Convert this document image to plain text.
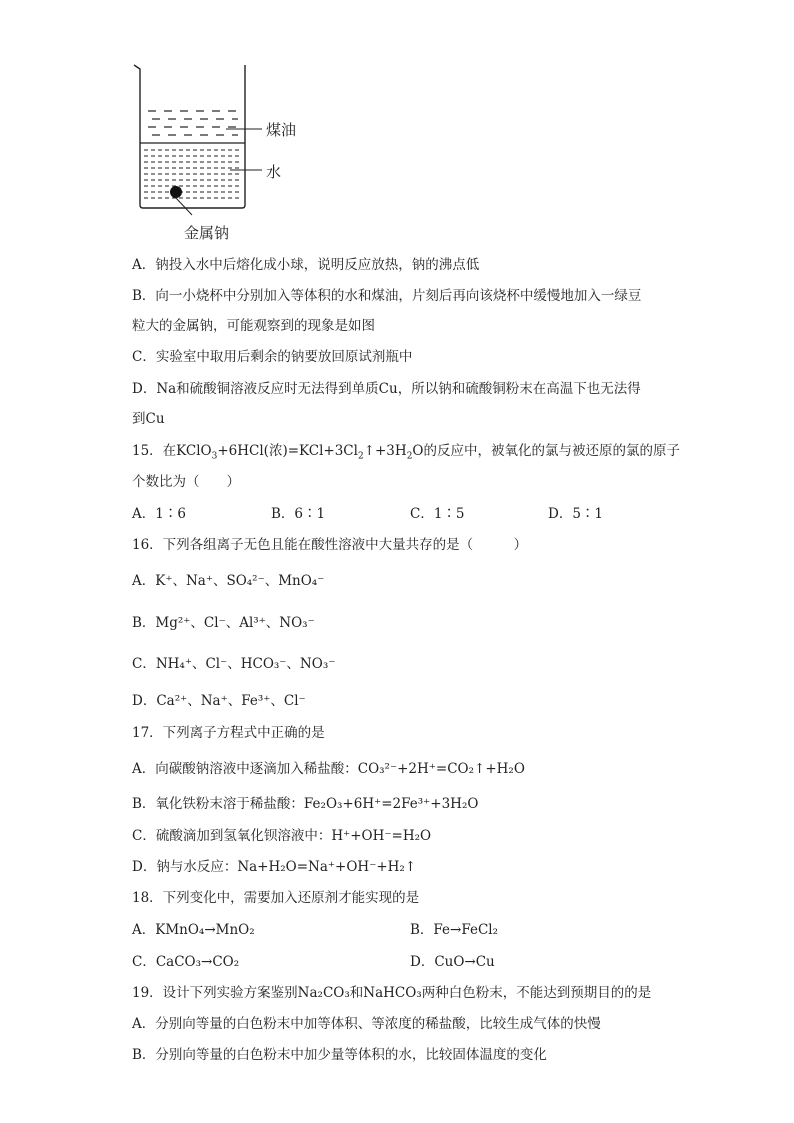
煤油
水
金属钠
A．钠投入水中后熔化成小球，说明反应放热，钠的沸点低
B．向一小烧杯中分别加入等体积的水和煤油，片刻后再向该烧杯中缓慢地加入一绿豆
粒大的金属钠，可能观察到的现象是如图
C．实验室中取用后剩余的钠要放回原试剂瓶中
D．Na和硫酸铜溶液反应时无法得到单质Cu，所以钠和硫酸铜粉末在高温下也无法得
到Cu
15．在KClO$_3$+6HCl(浓)$=KCl+3Cl_2↑+3H_2O$的反应中，被氧化的氯与被还原的氯的原子
个数比为（　　）
A．1∶6	B．6∶1	C．1∶5	D．5∶1
16．下列各组离子无色且能在酸性溶液中大量共存的是（　　　）
A．K⁺、Na⁺、SO₄²⁻、MnO₄⁻
B．Mg²⁺、Cl⁻、Al³⁺、NO₃⁻
C．NH₄⁺、Cl⁻、HCO₃⁻、NO₃⁻
D．Ca²⁺、Na⁺、Fe³⁺、Cl⁻
17．下列离子方程式中正确的是
A．向碳酸钠溶液中逐滴加入稀盐酸：CO₃²⁻+2H⁺=CO₂↑+H₂O
B．氧化铁粉末溶于稀盐酸：Fe₂O₃+6H⁺=2Fe³⁺+3H₂O
C．硫酸滴加到氢氧化钡溶液中：H⁺+OH⁻=H₂O
D．钠与水反应：Na+H₂O=Na⁺+OH⁻+H₂↑
18．下列变化中，需要加入还原剂才能实现的是
A．KMnO₄→MnO₂	B．Fe→FeCl₂
C．CaCO₃→CO₂	D．CuO→Cu
19．设计下列实验方案鉴别Na₂CO₃和NaHCO₃两种白色粉末，不能达到预期目的的是
A．分别向等量的白色粉末中加等体积、等浓度的稀盐酸，比较生成气体的快慢
B．分别向等量的白色粉末中加少量等体积的水，比较固体温度的变化
